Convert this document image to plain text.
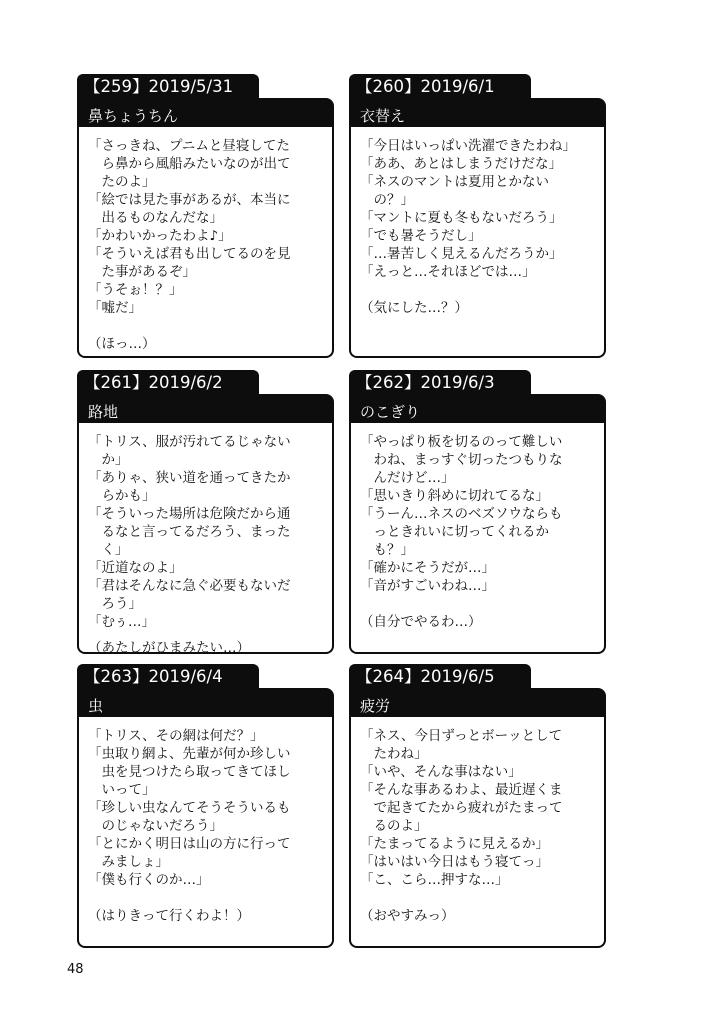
【259】2019/5/31
鼻ちょうちん
「さっきね、プニムと昼寝してた
　ら鼻から風船みたいなのが出て
　たのよ」
「絵では見た事があるが、本当に
　出るものなんだな」
「かわいかったわよ♪」
「そういえば君も出してるのを見
　た事があるぞ」
「うそぉ！？」
「嘘だ」
（ほっ…）
【260】2019/6/1
衣替え
「今日はいっぱい洗濯できたわね」
「ああ、あとはしまうだけだな」
「ネスのマントは夏用とかない
　の？」
「マントに夏も冬もないだろう」
「でも暑そうだし」
「…暑苦しく見えるんだろうか」
「えっと…それほどでは…」
（気にした…？）
【261】2019/6/2
路地
「トリス、服が汚れてるじゃない
　か」
「ありゃ、狭い道を通ってきたか
　らかも」
「そういった場所は危険だから通
　るなと言ってるだろう、まった
　く」
「近道なのよ」
「君はそんなに急ぐ必要もないだ
　ろう」
「むぅ…」
（あたしがひまみたい…）
【262】2019/6/3
のこぎり
「やっぱり板を切るのって難しい
　わね、まっすぐ切ったつもりな
　んだけど…」
「思いきり斜めに切れてるな」
「うーん…ネスのベズソウならも
　っときれいに切ってくれるか
　も？」
「確かにそうだが…」
「音がすごいわね…」
（自分でやるわ…）
【263】2019/6/4
虫
「トリス、その網は何だ？」
「虫取り網よ、先輩が何か珍しい
　虫を見つけたら取ってきてほし
　いって」
「珍しい虫なんてそうそういるも
　のじゃないだろう」
「とにかく明日は山の方に行って
　みましょ」
「僕も行くのか…」
（はりきって行くわよ！）
【264】2019/6/5
疲労
「ネス、今日ずっとボーッとして
　たわね」
「いや、そんな事はない」
「そんな事あるわよ、最近遅くま
　で起きてたから疲れがたまって
　るのよ」
「たまってるように見えるか」
「はいはい今日はもう寝てっ」
「こ、こら…押すな…」
（おやすみっ）
48
